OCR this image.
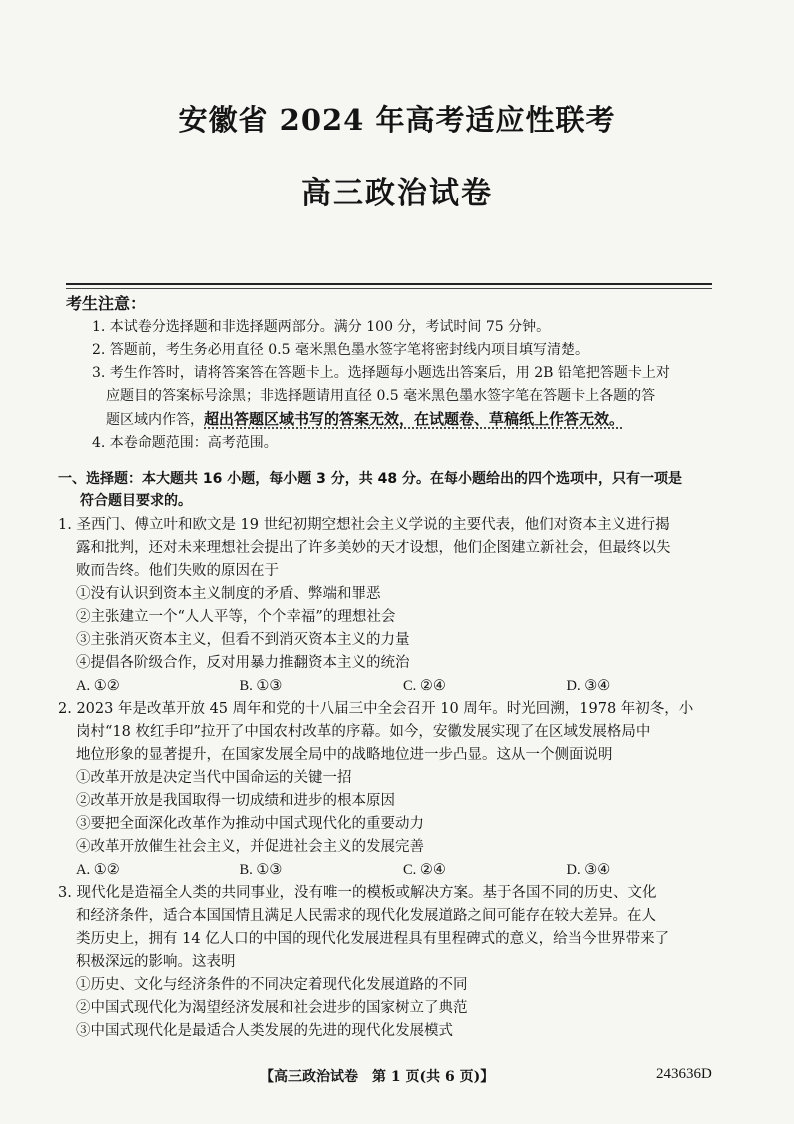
安徽省 2024 年高考适应性联考
高三政治试卷
考生注意：
1. 本试卷分选择题和非选择题两部分。满分 100 分，考试时间 75 分钟。
2. 答题前，考生务必用直径 0.5 毫米黑色墨水签字笔将密封线内项目填写清楚。
3. 考生作答时，请将答案答在答题卡上。选择题每小题选出答案后，用 2B 铅笔把答题卡上对
应题目的答案标号涂黑；非选择题请用直径 0.5 毫米黑色墨水签字笔在答题卡上各题的答
题区域内作答，超出答题区域书写的答案无效，在试题卷、草稿纸上作答无效。
4. 本卷命题范围：高考范围。
一、选择题：本大题共 16 小题，每小题 3 分，共 48 分。在每小题给出的四个选项中，只有一项是
符合题目要求的。
1. 圣西门、傅立叶和欧文是 19 世纪初期空想社会主义学说的主要代表，他们对资本主义进行揭
露和批判，还对未来理想社会提出了许多美妙的天才设想，他们企图建立新社会，但最终以失
败而告终。他们失败的原因在于
①没有认识到资本主义制度的矛盾、弊端和罪恶
②主张建立一个“人人平等，个个幸福”的理想社会
③主张消灭资本主义，但看不到消灭资本主义的力量
④提倡各阶级合作，反对用暴力推翻资本主义的统治
A. ①②	B. ①③	C. ②④	D. ③④
2. 2023 年是改革开放 45 周年和党的十八届三中全会召开 10 周年。时光回溯，1978 年初冬，小
岗村“18 枚红手印”拉开了中国农村改革的序幕。如今，安徽发展实现了在区域发展格局中
地位形象的显著提升，在国家发展全局中的战略地位进一步凸显。这从一个侧面说明
①改革开放是决定当代中国命运的关键一招
②改革开放是我国取得一切成绩和进步的根本原因
③要把全面深化改革作为推动中国式现代化的重要动力
④改革开放催生社会主义，并促进社会主义的发展完善
A. ①②	B. ①③	C. ②④	D. ③④
3. 现代化是造福全人类的共同事业，没有唯一的模板或解决方案。基于各国不同的历史、文化
和经济条件，适合本国国情且满足人民需求的现代化发展道路之间可能存在较大差异。在人
类历史上，拥有 14 亿人口的中国的现代化发展进程具有里程碑式的意义，给当今世界带来了
积极深远的影响。这表明
①历史、文化与经济条件的不同决定着现代化发展道路的不同
②中国式现代化为渴望经济发展和社会进步的国家树立了典范
③中国式现代化是最适合人类发展的先进的现代化发展模式
【高三政治试卷　第 1 页(共 6 页)】	243636D
